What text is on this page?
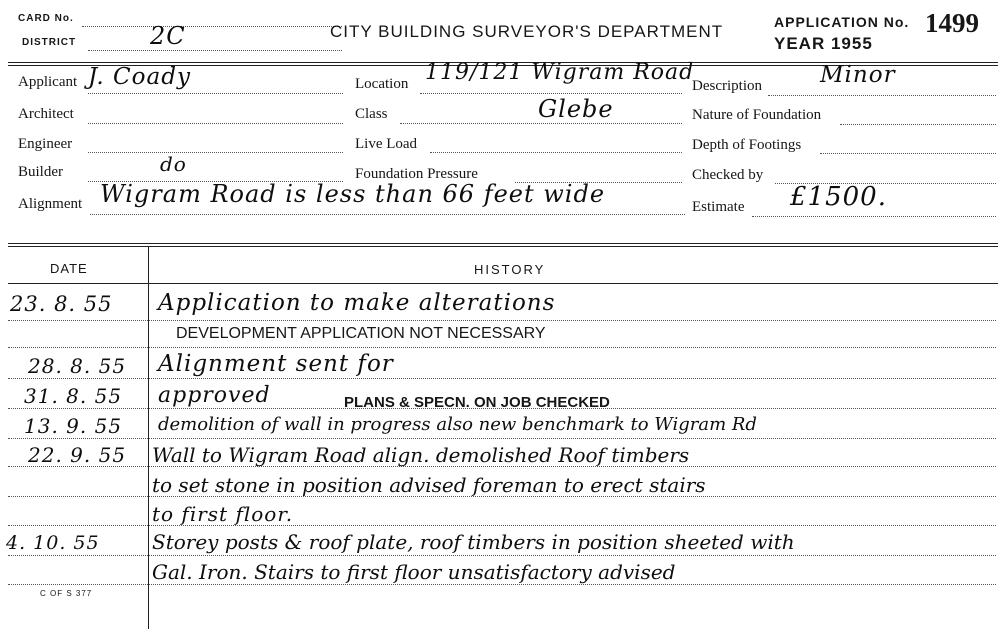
CARD No.
DISTRICT	2C	CITY BUILDING SURVEYOR'S DEPARTMENT	APPLICATION No. 1499
YEAR 1955
Applicant J. Coady
Architect
Engineer
Builder	do
Alignment Wigram Road is less than 66 feet wide
Location 119/121 Wigram Road
Class	Glebe
Live Load
Foundation Pressure
Description	Minor
Nature of Foundation
Depth of Footings
Checked by
Estimate £1500.
DATE	HISTORY
23. 8. 55 Application to make alterations
DEVELOPMENT APPLICATION NOT NECESSARY
28. 8. 55 Alignment sent for
31. 8. 55 approved	PLANS & SPECN. ON JOB CHECKED
13. 9. 55 demolition of wall in progress also new benchmark to Wigram Rd
22. 9. 55 Wall to Wigram Road align. demolished Roof timbers
to set stone in position advised foreman to erect stairs
to first floor.
4. 10. 55	Storey posts & roof plate, roof timbers in position sheeted with
Gal. Iron. Stairs to first floor unsatisfactory advised
C OF S 377
